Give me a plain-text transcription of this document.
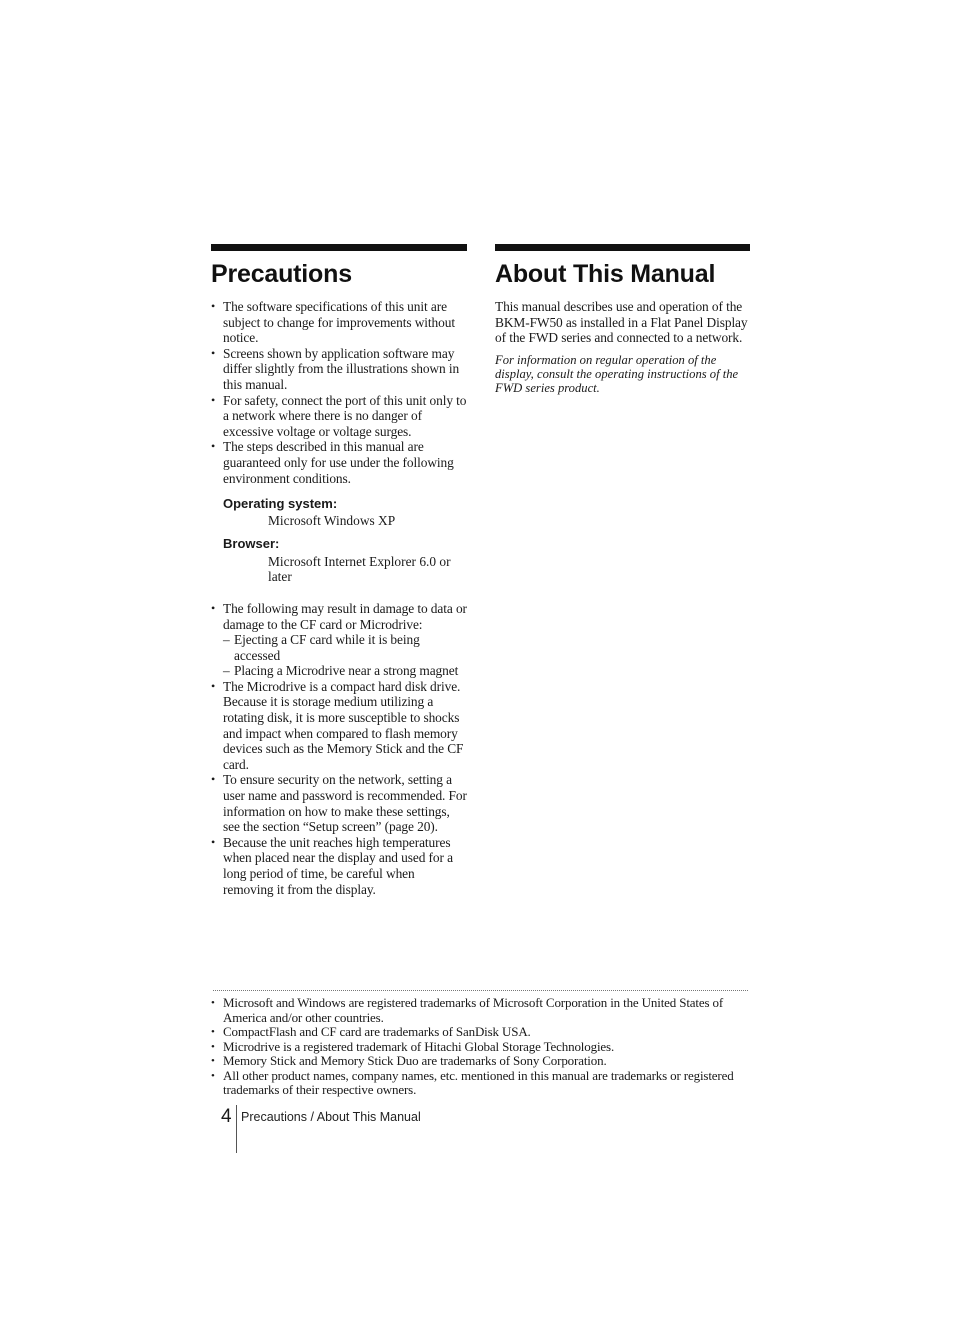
Precautions
• The software specifications of this unit are subject to change for improvements without notice.
• Screens shown by application software may differ slightly from the illustrations shown in this manual.
• For safety, connect the port of this unit only to a network where there is no danger of excessive voltage or voltage surges.
• The steps described in this manual are guaranteed only for use under the following environment conditions.
Operating system:
Microsoft Windows XP
Browser:
Microsoft Internet Explorer 6.0 or later
• The following may result in damage to data or damage to the CF card or Microdrive:
– Ejecting a CF card while it is being accessed
– Placing a Microdrive near a strong magnet
• The Microdrive is a compact hard disk drive. Because it is storage medium utilizing a rotating disk, it is more susceptible to shocks and impact when compared to flash memory devices such as the Memory Stick and the CF card.
• To ensure security on the network, setting a user name and password is recommended. For information on how to make these settings, see the section “Setup screen” (page 20).
• Because the unit reaches high temperatures when placed near the display and used for a long period of time, be careful when removing it from the display.
About This Manual

This manual describes use and operation of the BKM-FW50 as installed in a Flat Panel Display of the FWD series and connected to a network.

For information on regular operation of the display, consult the operating instructions of the FWD series product.

• Microsoft and Windows are registered trademarks of Microsoft Corporation in the United States of America and/or other countries.
• CompactFlash and CF card are trademarks of SanDisk USA.
• Microdrive is a registered trademark of Hitachi Global Storage Technologies.
• Memory Stick and Memory Stick Duo are trademarks of Sony Corporation.
• All other product names, company names, etc. mentioned in this manual are trademarks or registered trademarks of their respective owners.
4 Precautions / About This Manual
